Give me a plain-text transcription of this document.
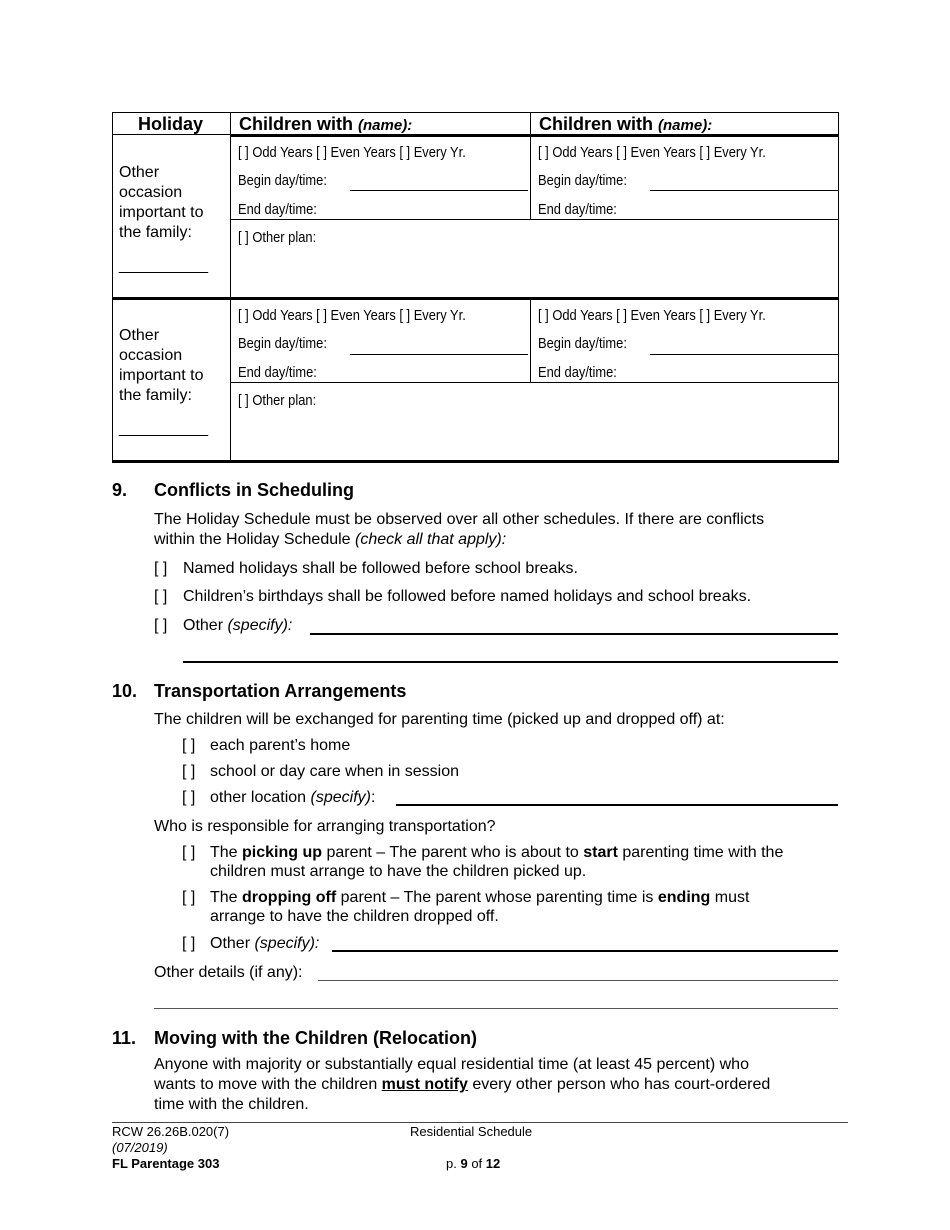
Holiday Children with (name):	Children with (name):
Other occasion important to the family:
__________
[ ] Odd Years [ ] Even Years [ ] Every Yr.
Begin day/time:
End day/time:
[ ] Odd Years [ ] Even Years [ ] Every Yr.
Begin day/time:
End day/time:
[ ] Other plan:
Other occasion important to the family:
__________
[ ] Odd Years [ ] Even Years [ ] Every Yr.
Begin day/time:
End day/time:
[ ] Odd Years [ ] Even Years [ ] Every Yr.
Begin day/time:
End day/time:
[ ] Other plan:
9. Conflicts in Scheduling
The Holiday Schedule must be observed over all other schedules. If there are conflicts
within the Holiday Schedule (check all that apply):
[ ] Named holidays shall be followed before school breaks.
[ ] Children’s birthdays shall be followed before named holidays and school breaks.
[ ] Other (specify):
10. Transportation Arrangements
The children will be exchanged for parenting time (picked up and dropped off) at:
[ ] each parent’s home
[ ] school or day care when in session
[ ] other location (specify):
Who is responsible for arranging transportation?
[ ] The picking up parent – The parent who is about to start parenting time with the
children must arrange to have the children picked up.
[ ] The dropping off parent – The parent whose parenting time is ending must
arrange to have the children dropped off.
[ ] Other (specify):
Other details (if any):
11. Moving with the Children (Relocation)
Anyone with majority or substantially equal residential time (at least 45 percent) who
wants to move with the children must notify every other person who has court-ordered
time with the children.
RCW 26.26B.020(7)
(07/2019)
FL Parentage 303
Residential Schedule
p. 9 of 12
